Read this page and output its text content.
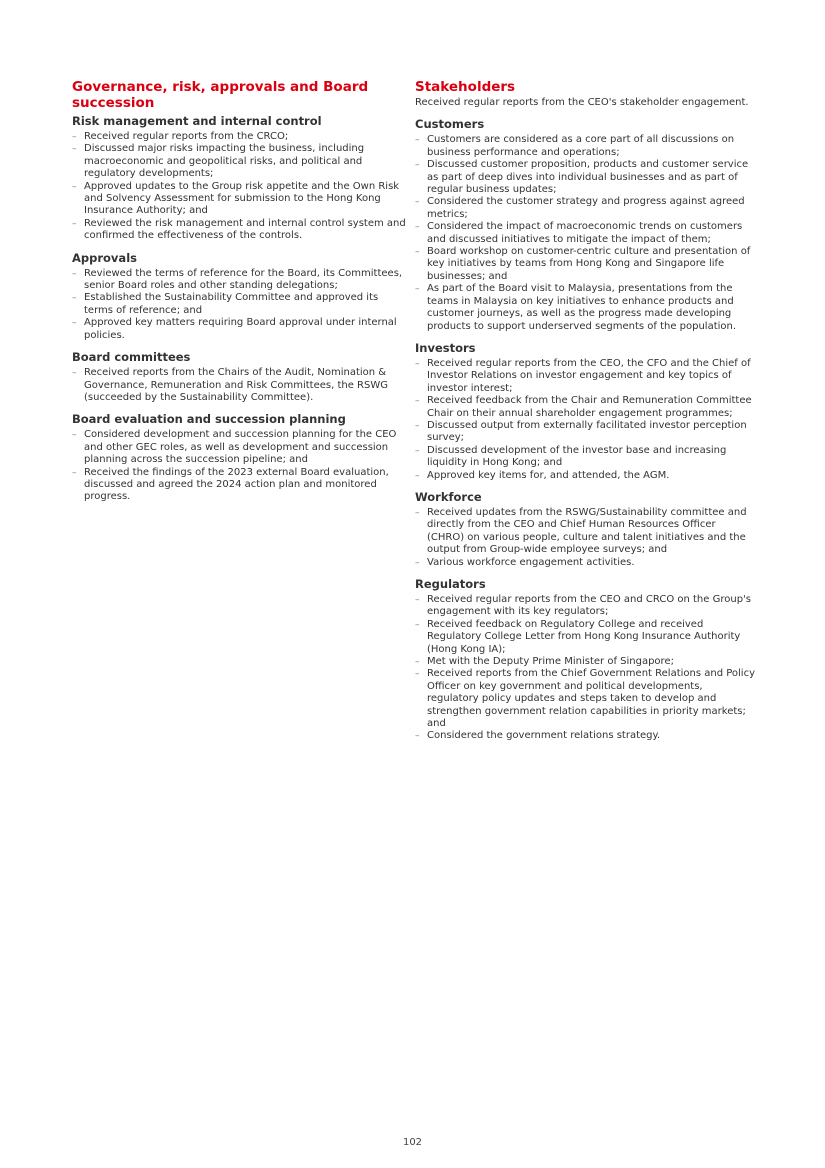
Governance, risk, approvals and Board succession
Risk management and internal control
– Received regular reports from the CRCO;
– Discussed major risks impacting the business, including macroeconomic and geopolitical risks, and political and regulatory developments;
– Approved updates to the Group risk appetite and the Own Risk and Solvency Assessment for submission to the Hong Kong Insurance Authority; and
– Reviewed the risk management and internal control system and confirmed the effectiveness of the controls.
Approvals
– Reviewed the terms of reference for the Board, its Committees, senior Board roles and other standing delegations;
– Established the Sustainability Committee and approved its terms of reference; and
– Approved key matters requiring Board approval under internal policies.
Board committees
– Received reports from the Chairs of the Audit, Nomination & Governance, Remuneration and Risk Committees, the RSWG (succeeded by the Sustainability Committee).
Board evaluation and succession planning
– Considered development and succession planning for the CEO and other GEC roles, as well as development and succession planning across the succession pipeline; and
– Received the findings of the 2023 external Board evaluation, discussed and agreed the 2024 action plan and monitored progress.
Stakeholders

Received regular reports from the CEO's stakeholder engagement.

Customers
– Customers are considered as a core part of all discussions on business performance and operations;
– Discussed customer proposition, products and customer service as part of deep dives into individual businesses and as part of regular business updates;
– Considered the customer strategy and progress against agreed metrics;
– Considered the impact of macroeconomic trends on customers and discussed initiatives to mitigate the impact of them;
– Board workshop on customer-centric culture and presentation of key initiatives by teams from Hong Kong and Singapore life businesses; and
– As part of the Board visit to Malaysia, presentations from the teams in Malaysia on key initiatives to enhance products and customer journeys, as well as the progress made developing products to support underserved segments of the population.
Investors
– Received regular reports from the CEO, the CFO and the Chief of Investor Relations on investor engagement and key topics of investor interest;
– Received feedback from the Chair and Remuneration Committee Chair on their annual shareholder engagement programmes;
– Discussed output from externally facilitated investor perception survey;
– Discussed development of the investor base and increasing liquidity in Hong Kong; and
– Approved key items for, and attended, the AGM.
Workforce
– Received updates from the RSWG/Sustainability committee and directly from the CEO and Chief Human Resources Officer (CHRO) on various people, culture and talent initiatives and the output from Group-wide employee surveys; and
– Various workforce engagement activities.
Regulators
– Received regular reports from the CEO and CRCO on the Group's engagement with its key regulators;
– Received feedback on Regulatory College and received Regulatory College Letter from Hong Kong Insurance Authority (Hong Kong IA);
– Met with the Deputy Prime Minister of Singapore;
– Received reports from the Chief Government Relations and Policy Officer on key government and political developments, regulatory policy updates and steps taken to develop and strengthen government relation capabilities in priority markets; and
– Considered the government relations strategy.
102
